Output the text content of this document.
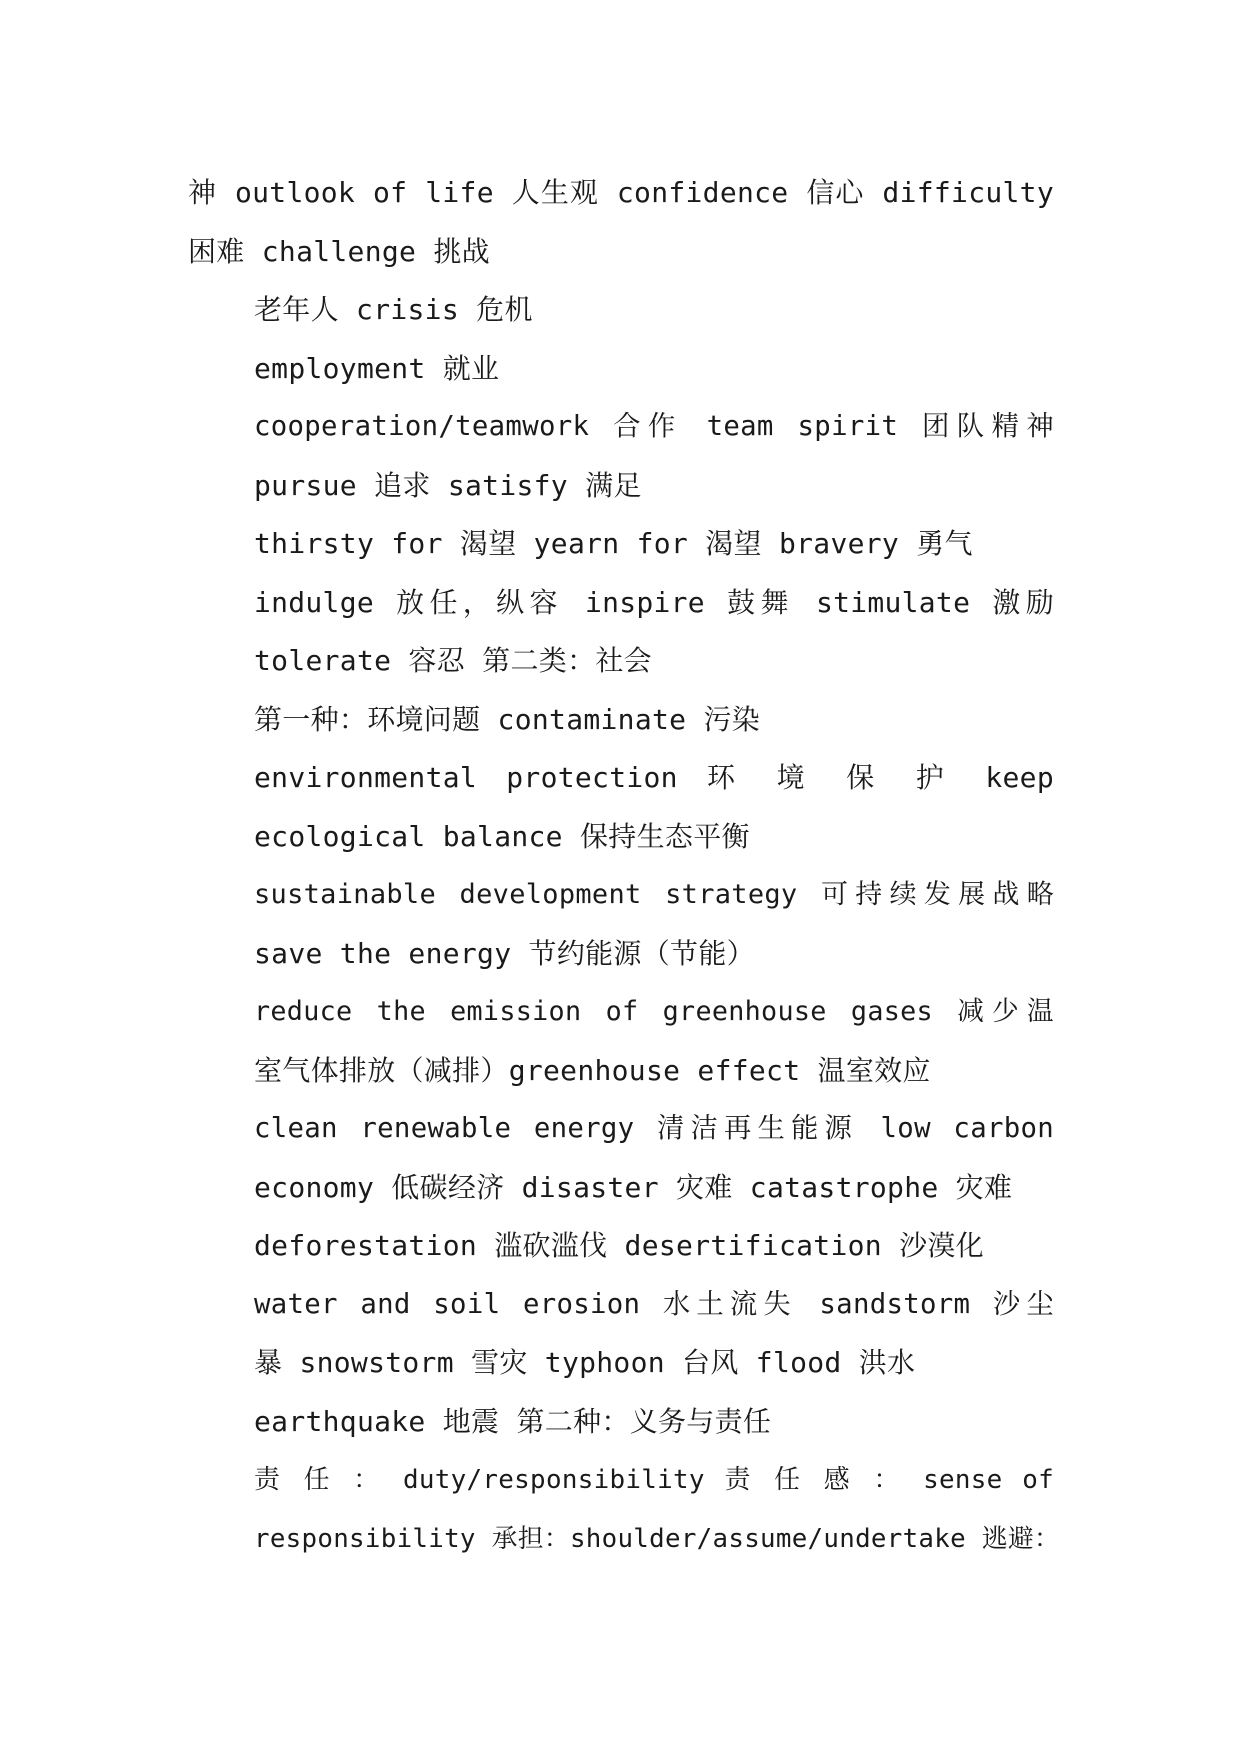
神 outlook of life 人生观 confidence 信心 difficulty
困难 challenge 挑战

老年人 crisis 危机

employment 就业

cooperation/teamwork 合作 team spirit 团队精神
pursue 追求 satisfy 满足

thirsty for 渴望 yearn for 渴望 bravery 勇气

indulge 放任，纵容 inspire 鼓舞 stimulate 激励
tolerate 容忍 第二类：社会

第一种：环境问题 contaminate 污染

environmental protection 环 境 保 护 keep
ecological balance 保持生态平衡

sustainable development strategy 可持续发展战略
save the energy 节约能源（节能）

reduce the emission of greenhouse gases 减少温
室气体排放（减排）greenhouse effect 温室效应

clean renewable energy 清洁再生能源 low carbon
economy 低碳经济 disaster 灾难 catastrophe 灾难

deforestation 滥砍滥伐 desertification 沙漠化

water and soil erosion 水土流失 sandstorm 沙尘
暴 snowstorm 雪灾 typhoon 台风 flood 洪水

earthquake 地震 第二种：义务与责任

责 任 ： duty/responsibility 责 任 感 ： sense of
responsibility 承担：shoulder/assume/undertake 逃避：
